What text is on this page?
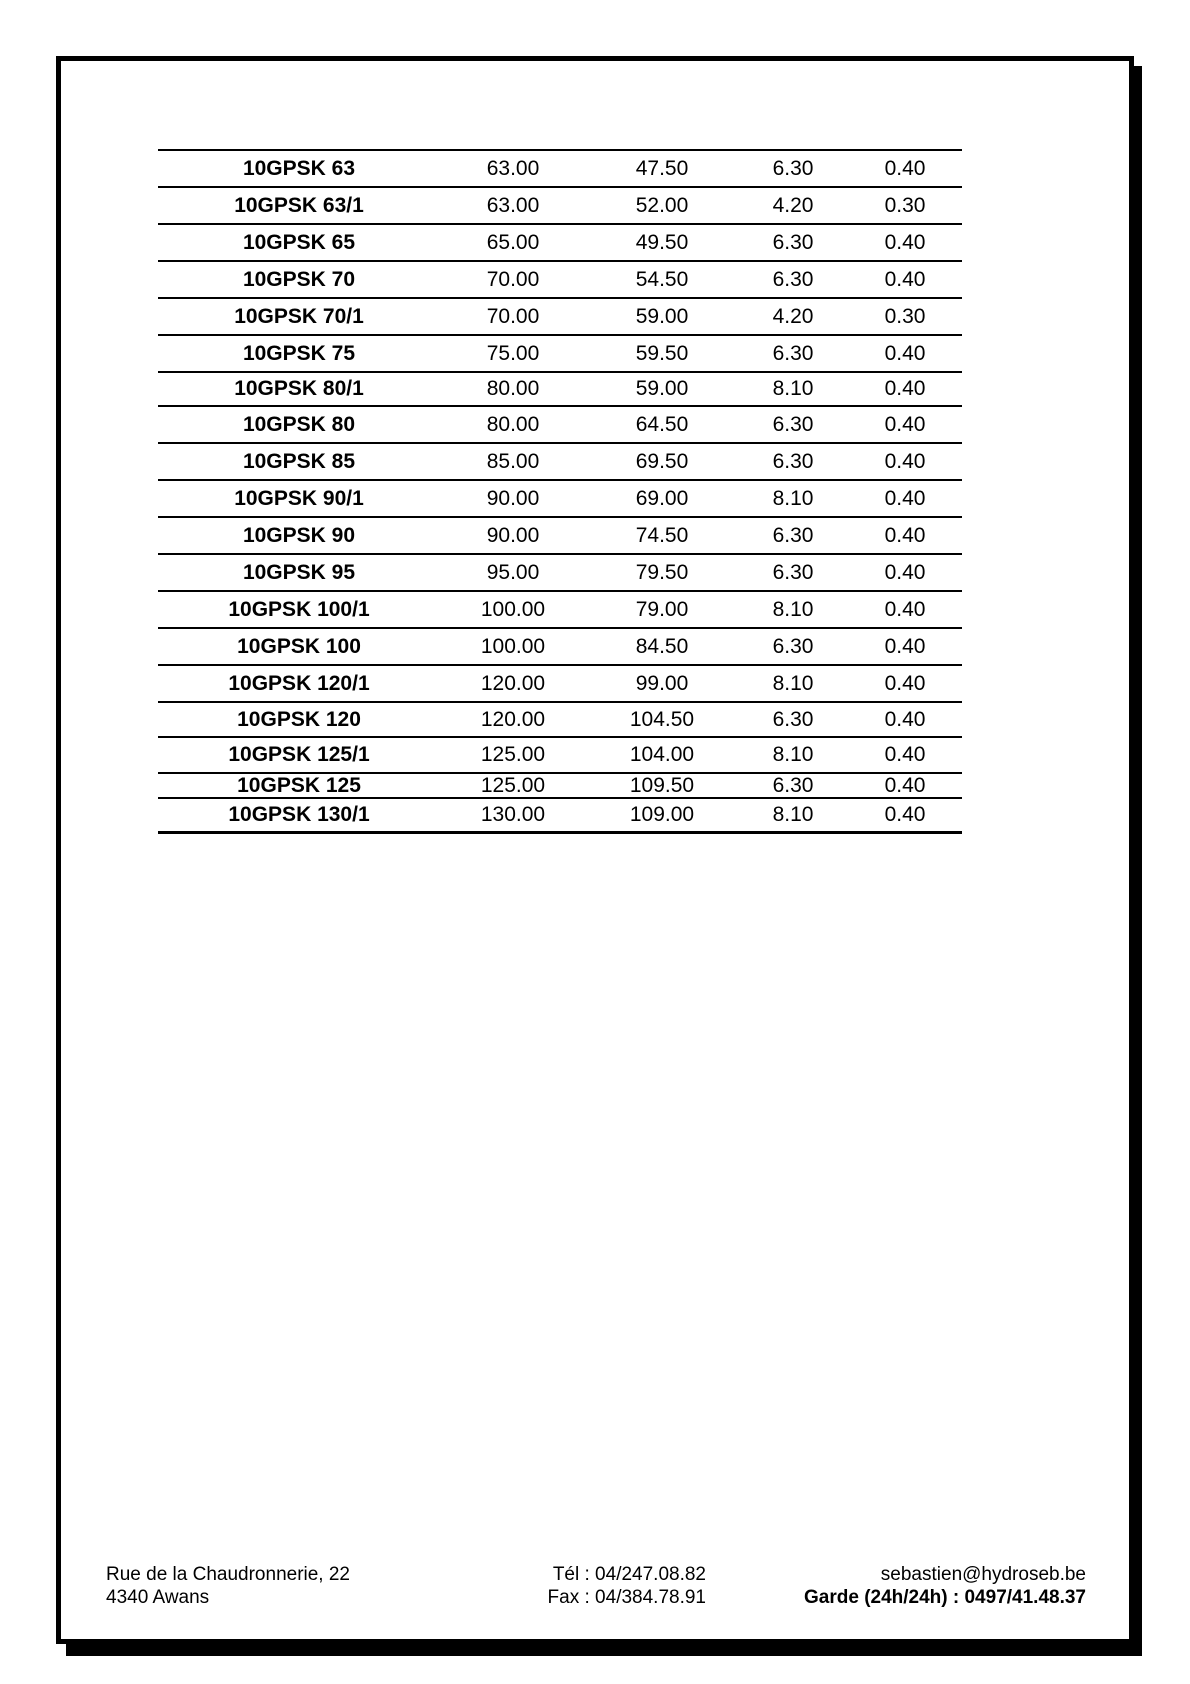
10GPSK 63	63.00	47.50	6.30	0.40
10GPSK 63/1	63.00	52.00	4.20	0.30
10GPSK 65	65.00	49.50	6.30	0.40
10GPSK 70	70.00	54.50	6.30	0.40
10GPSK 70/1	70.00	59.00	4.20	0.30
10GPSK 75	75.00	59.50	6.30	0.40
10GPSK 80/1	80.00	59.00	8.10	0.40
10GPSK 80	80.00	64.50	6.30	0.40
10GPSK 85	85.00	69.50	6.30	0.40
10GPSK 90/1	90.00	69.00	8.10	0.40
10GPSK 90	90.00	74.50	6.30	0.40
10GPSK 95	95.00	79.50	6.30	0.40
10GPSK 100/1	100.00	79.00	8.10	0.40
10GPSK 100	100.00	84.50	6.30	0.40
10GPSK 120/1	120.00	99.00	8.10	0.40
10GPSK 120	120.00	104.50	6.30	0.40
10GPSK 125/1	125.00	104.00	8.10	0.40
10GPSK 125	125.00	109.50	6.30	0.40
10GPSK 130/1	130.00	109.00	8.10	0.40
Rue de la Chaudronnerie, 22
4340 Awans
Tél : 04/247.08.82
Fax : 04/384.78.91
sebastien@hydroseb.be
Garde (24h/24h) : 0497/41.48.37
